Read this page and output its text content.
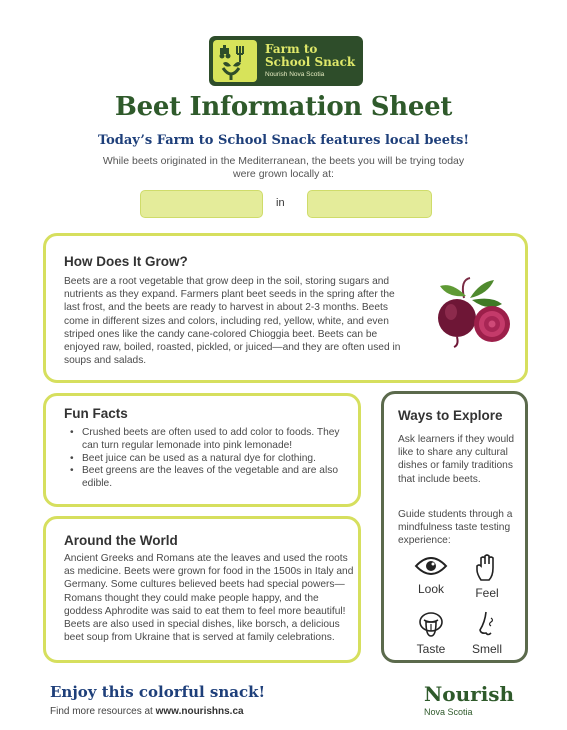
Farm to
School Snack
Nourish Nova Scotia
Beet Information Sheet
Today’s Farm to School Snack features local beets!
While beets originated in the Mediterranean, the beets you will be trying today were grown locally at:
in
How Does It Grow?
Beets are a root vegetable that grow deep in the soil, storing sugars and nutrients as they expand. Farmers plant beet seeds in the spring after the last frost, and the beets are ready to harvest in about 2-3 months. Beets come in different sizes and colors, including red, yellow, white, and even striped ones like the candy cane-colored Chioggia beet. Beets can be enjoyed raw, boiled, roasted, pickled, or juiced—and they are often used in soups and salads.
Fun Facts
• Crushed beets are often used to add color to foods. They can turn regular lemonade into pink lemonade!
• Beet juice can be used as a natural dye for clothing.
• Beet greens are the leaves of the vegetable and are also edible.
Around the World
Ancient Greeks and Romans ate the leaves and used the roots as medicine. Beets were grown for food in the 1500s in Italy and Germany. Some cultures believed beets had special powers—Romans thought they could make people happy, and the goddess Aphrodite was said to eat them to feel more beautiful! Beets are also used in special dishes, like borsch, a delicious beet soup from Ukraine that is served at family celebrations.
Ways to Explore
Ask learners if they would like to share any cultural dishes or family traditions that include beets.
Guide students through a mindfulness taste testing experience:
Look	Feel
Taste	Smell
Enjoy this colorful snack!
Find more resources at www.nourishns.ca
Nourish
Nova Scotia
